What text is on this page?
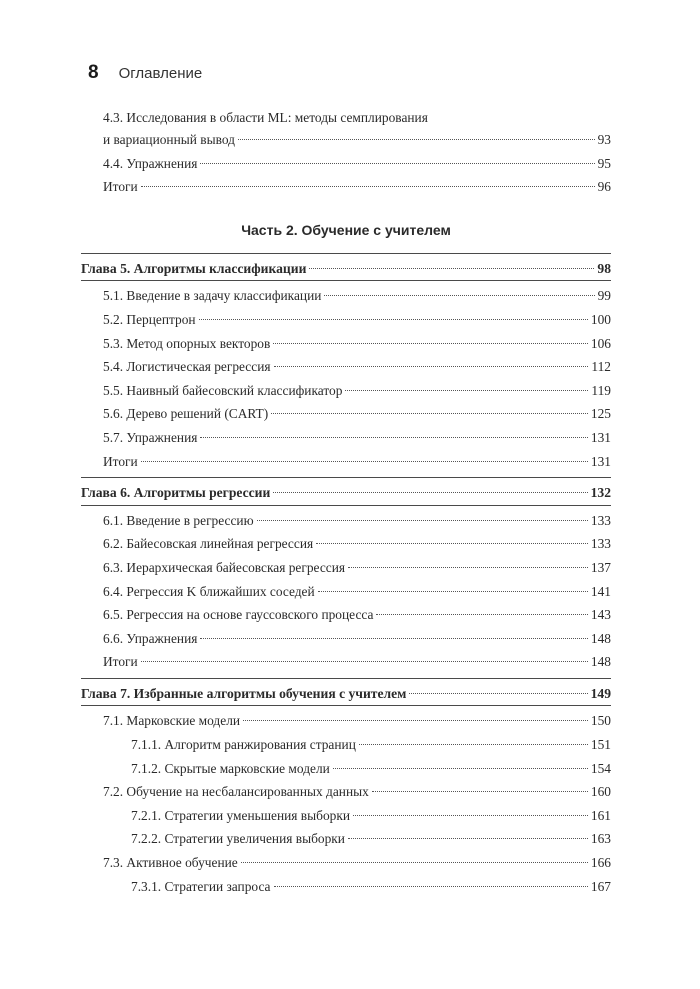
8 Оглавление
4.3. Исследования в области ML: методы семплирования
и вариационный вывод	93
4.4. Упражнения	95
Итоги	96
Часть 2. Обучение с учителем
Глава 5. Алгоритмы классификации	98
5.1. Введение в задачу классификации	99
5.2. Перцептрон	100
5.3. Метод опорных векторов	106
5.4. Логистическая регрессия	112
5.5. Наивный байесовский классификатор	119
5.6. Дерево решений (CART)	125
5.7. Упражнения	131
Итоги	131
Глава 6. Алгоритмы регрессии	132
6.1. Введение в регрессию	133
6.2. Байесовская линейная регрессия	133
6.3. Иерархическая байесовская регрессия	137
6.4. Регрессия K ближайших соседей	141
6.5. Регрессия на основе гауссовского процесса	143
6.6. Упражнения	148
Итоги	148
Глава 7. Избранные алгоритмы обучения с учителем	149
7.1. Марковские модели	150
7.1.1. Алгоритм ранжирования страниц	151
7.1.2. Скрытые марковские модели	154
7.2. Обучение на несбалансированных данных	160
7.2.1. Стратегии уменьшения выборки	161
7.2.2. Стратегии увеличения выборки	163
7.3. Активное обучение	166
7.3.1. Стратегии запроса	167
